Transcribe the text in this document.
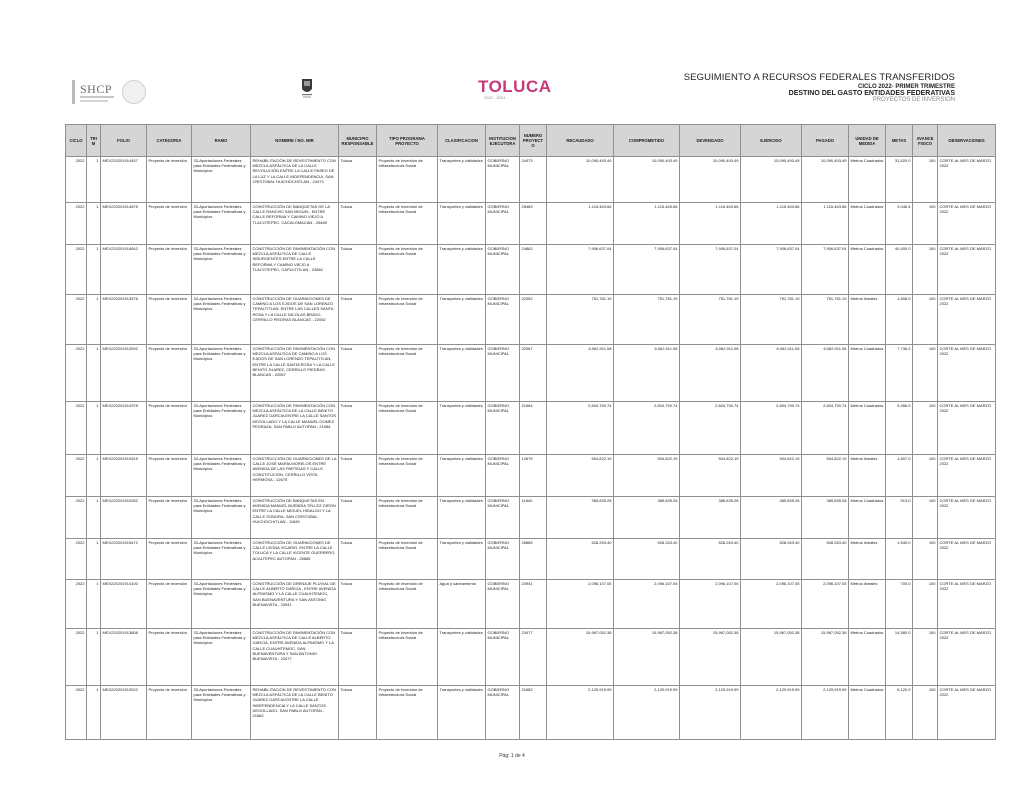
SHCP	TOLUCA
2022 - 2024
SEGUIMIENTO A RECURSOS FEDERALES TRANSFERIDOS
CICLO 2022- PRIMER TRIMESTRE
DESTINO DEL GASTO ENTIDADES FEDERATIVAS
PROYECTOS DE INVERSION
CICLO	TRIM	FOLIO	CATEGORIA	RAMO	NOMBRE / NO. MIR	MUNICIPIO RESPONSABLE	TIPO PROGRAMA PROYECTO	CLASIFICACION	INSTITUCION EJECUTORA	NUMERO PROYECTO	RECAUDADO	COMPROMETIDO	DEVENGADO	EJERCIDO	PAGADO	UNIDAD DE MEDIDA	METAS	AVANCE FISICO	OBSERVACIONES
2022	1	MEX220201914457	Proyecto de inversión	33-Aportaciones Federales para Entidades Federativas y Municipios	REHABILITACIÓN DE REVESTIMIENTO CON MEZCLA ASFÁLTICA DE LA CALLE REVOLUCIÓN ENTRE LA CALLE PASEO DE LA LUZ Y LA CALLE INDEPENDENCIA, SAN CRISTOBAL HUICHOCHITLAN - 24473	Toluca	Proyecto de Inversión de Infraestructura Social	Transportes y vialidades	GOBIERNO MUNICIPAL	24473	10,090,493.49	10,090,493.49	10,090,493.49	10,090,493.49	10,090,493.49	Metros Cuadrados	31,520.0	100	CORTE AL MES DE MARZO 2022
2022	1	MEX220201914875	Proyecto de inversión	33-Aportaciones Federales para Entidades Federativas y Municipios	CONSTRUCCIÓN DE BANQUETAS DE LA CALLE RANCHO SAN MIGUEL, ENTRE CALLE REFORMA Y CAMINO VIEJO A TLACOTEPEC, CACALOMACAN - 25489	Toluca	Proyecto de Inversión de Infraestructura Social	Transportes y vialidades	GOBIERNO MUNICIPAL	25489	1,115,463.66	1,115,463.66	1,115,463.66	1,115,463.66	1,115,463.66	Metros Cuadrados	3,046.4	100	CORTE AL MES DE MARZO 2022
2022	1	MEX220201914642	Proyecto de inversión	33-Aportaciones Federales para Entidades Federativas y Municipios	CONSTRUCCIÓN DE PAVIMENTACIÓN CON MEZCLA ASFÁLTICA DE CALLE INSURGENTES ENTRE LA CALLE REFORMA Y CAMINO VIEJO A TLACOTEPEC, CAPULTITLAN - 24862	Toluca	Proyecto de Inversión de Infraestructura Social	Transportes y vialidades	GOBIERNO MUNICIPAL	24862	7,906,637.04	7,906,637.04	7,906,637.04	7,906,637.04	7,906,637.04	Metros Cuadrados	40,400.0	100	CORTE AL MES DE MARZO 2022
2022	1	MEX220201913576	Proyecto de inversión	33-Aportaciones Federales para Entidades Federativas y Municipios	CONSTRUCCIÓN DE GUARNICIONES DE CAMINO A LOS EJIDOS DE SAN LORENZO TEPALTITLAN, ENTRE LAS CALLES SANTA ROSA Y LA CALLE NICOLAS BRAVO, CERRILLO PIEDRAS BLANCAS - 22052	Toluca	Proyecto de Inversión de Infraestructura Social	Transportes y vialidades	GOBIERNO MUNICIPAL	22052	751,781.19	751,781.19	751,781.19	751,781.19	751,781.19	Metros lineales	1,608.0	100	CORTE AL MES DE MARZO 2022
2022	1	MEX220201913592	Proyecto de inversión	33-Aportaciones Federales para Entidades Federativas y Municipios	CONSTRUCCIÓN DE PAVIMENTACIÓN CON MEZCLA ASFÁLTICA DE CAMINO A LOS EJIDOS DE SAN LORENZO TEPALTITLAN, ENTRE LA CALLE SANTA ROSA Y LA CALLE BENITO JUAREZ, CERRILLO PIEDRAS BLANCAS - 22067	Toluca	Proyecto de Inversión de Infraestructura Social	Transportes y vialidades	GOBIERNO MUNICIPAL	22067	6,062,911.08	6,062,911.08	6,062,911.08	6,062,911.08	6,062,911.08	Metros Cuadrados	7,736.2	100	CORTE AL MES DE MARZO 2022
2022	1	MEX220201912978	Proyecto de inversión	33-Aportaciones Federales para Entidades Federativas y Municipios	CONSTRUCCIÓN DE PAVIMENTACIÓN CON MEZCLA ASFÁLTICA DE LA CALLE BENITO JUAREZ GARCIA ENTRE LA CALLE SANTOS DEGOLLADO Y LA CALLE MANUEL GOMEZ PEDRAZA, SAN PABLO AUTOPAN - 21584	Toluca	Proyecto de Inversión de Infraestructura Social	Transportes y vialidades	GOBIERNO MUNICIPAL	21584	2,604,790.74	2,604,790.74	2,604,790.74	2,604,790.74	2,604,790.74	Metros Cuadrados	9,456.0	100	CORTE AL MES DE MARZO 2022
2022	1	MEX220201910519	Proyecto de inversión	33-Aportaciones Federales para Entidades Federativas y Municipios	CONSTRUCCIÓN DE GUARNICIONES DE LA CALLE JOSÉ MARÍA MORELOS ENTRE AVENIDA DE LAS PARTIDAS Y CALLE CONSTITUCIÓN, CERRILLO VISTA HERMOSA - 12675	Toluca	Proyecto de Inversión de Infraestructura Social	Transportes y vialidades	GOBIERNO MUNICIPAL	12675	504,822.19	504,822.19	504,822.19	504,822.19	504,822.19	Metros lineales	1,607.0	100	CORTE AL MES DE MARZO 2022
2022	1	MEX220201910282	Proyecto de inversión	33-Aportaciones Federales para Entidades Federativas y Municipios	CONSTRUCCIÓN DE BANQUETAS EN AVENIDA MANUEL BUENDÍA TÉLLEZ GIRÓN ENTRE LA CALLE MIGUEL HIDALGO Y LA CALLE SONORA, SAN CRISTOBAL HUICHOCHITLAN - 11840	Toluca	Proyecto de Inversión de Infraestructura Social	Transportes y vialidades	GOBIERNO MUNICIPAL	11840	385,835.28	385,835.28	385,835.28	385,835.28	385,835.28	Metros Cuadrados	913.0	100	CORTE AL MES DE MARZO 2022
2022	1	MEX220201915472	Proyecto de inversión	33-Aportaciones Federales para Entidades Federativas y Municipios	CONSTRUCCIÓN DE GUARNICIONES DE CALLE LEONA VICARIO, ENTRE LA CALLE TOLUCA Y LA CALLE VICENTE GUERRERO, ACALTEPEC AUTOPAN - 26885	Toluca	Proyecto de Inversión de Infraestructura Social	Transportes y vialidades	GOBIERNO MUNICIPAL	26885	528,263.40	528,263.40	528,263.40	528,263.40	528,263.40	Metros lineales	1,540.0	100	CORTE AL MES DE MARZO 2022
2022	1	MEX220201914100	Proyecto de inversión	33-Aportaciones Federales para Entidades Federativas y Municipios	CONSTRUCCIÓN DE DRENAJE PLUVIAL DE CALLE ALBERTO GARCIA , ENTRE AVENIDA ALPINISMO Y LA CALLE CUAUHTEMOC, SAN BUENAVENTURA Y SAN ANTONIO BUENAVISTA - 23941	Toluca	Proyecto de Inversión de Infraestructura Social	Agua y saneamiento	GOBIERNO MUNICIPAL	23941	2,096,107.05	2,096,107.05	2,096,107.05	2,096,107.05	2,096,107.05	Metros lineales	700.0	100	CORTE AL MES DE MARZO 2022
2022	1	MEX220201913808	Proyecto de inversión	33-Aportaciones Federales para Entidades Federativas y Municipios	CONSTRUCCIÓN DE PAVIMENTACIÓN CON MEZCLA ASFÁLTICA DE CALLE ALBERTO GARCIA, ENTRE AVENIDA ALPINISMO Y LA CALLE CUAUHTEMOC, SAN BUENAVENTURA Y SAN ANTONIO BUENAVISTA - 23477	Toluca	Proyecto de Inversión de Infraestructura Social	Transportes y vialidades	GOBIERNO MUNICIPAL	23477	15,967,052.38	15,967,052.38	15,967,052.38	15,967,052.38	15,967,052.38	Metros Cuadrados	14,580.0	100	CORTE AL MES DE MARZO 2022
2022	1	MEX220201913022	Proyecto de inversión	33-Aportaciones Federales para Entidades Federativas y Municipios	REHABILITACIÓN DE REVESTIMIENTO CON MEZCLA ASFÁLTICA DE LA CALLE BENITO JUAREZ GARCIA ENTRE LA CALLE INDEPENDENCIA Y LA CALLE SANTOS DEGOLLADO, SAN PABLO AUTOPAN - 21682	Toluca	Proyecto de Inversión de Infraestructura Social	Transportes y vialidades	GOBIERNO MUNICIPAL	21682	2,129,919.99	2,129,919.99	2,129,919.99	2,129,919.99	2,129,919.99	Metros Cuadrados	6,120.0	100	CORTE AL MES DE MARZO 2022
Pág: 1 de 4
